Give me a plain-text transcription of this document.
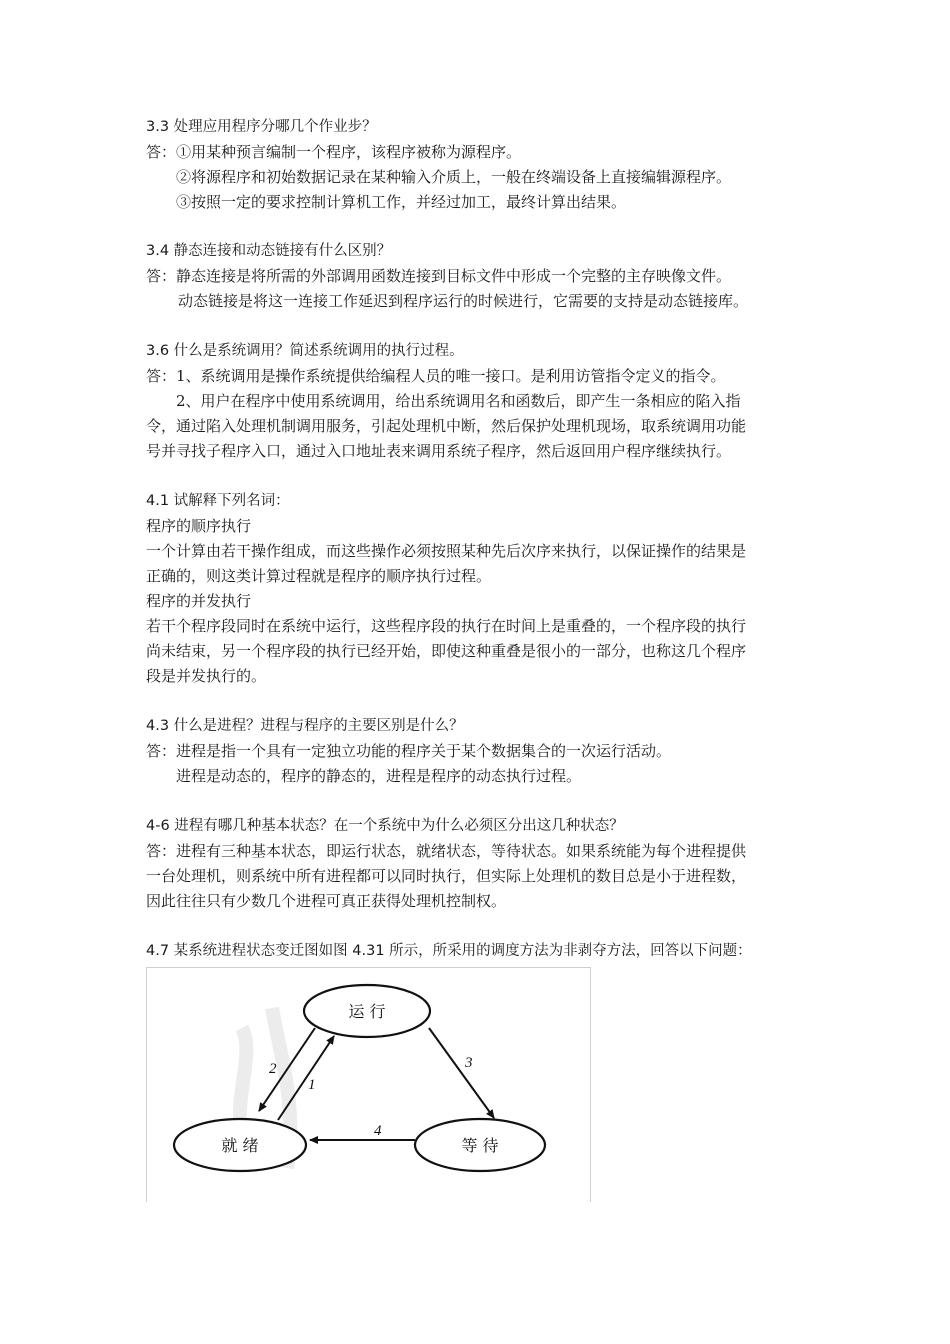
3.3 处理应用程序分哪几个作业步？
答：①用某种预言编制一个程序，该程序被称为源程序。
②将源程序和初始数据记录在某种输入介质上，一般在终端设备上直接编辑源程序。
③按照一定的要求控制计算机工作，并经过加工，最终计算出结果。
3.4 静态连接和动态链接有什么区别？
答：静态连接是将所需的外部调用函数连接到目标文件中形成一个完整的主存映像文件。
动态链接是将这一连接工作延迟到程序运行的时候进行，它需要的支持是动态链接库。
3.6 什么是系统调用？简述系统调用的执行过程。
答：1、系统调用是操作系统提供给编程人员的唯一接口。是利用访管指令定义的指令。
2、用户在程序中使用系统调用，给出系统调用名和函数后，即产生一条相应的陷入指
令，通过陷入处理机制调用服务，引起处理机中断，然后保护处理机现场，取系统调用功能
号并寻找子程序入口，通过入口地址表来调用系统子程序，然后返回用户程序继续执行。
4.1 试解释下列名词：
程序的顺序执行
一个计算由若干操作组成，而这些操作必须按照某种先后次序来执行，以保证操作的结果是
正确的，则这类计算过程就是程序的顺序执行过程。
程序的并发执行
若干个程序段同时在系统中运行，这些程序段的执行在时间上是重叠的，一个程序段的执行
尚未结束，另一个程序段的执行已经开始，即使这种重叠是很小的一部分，也称这几个程序
段是并发执行的。
4.3 什么是进程？进程与程序的主要区别是什么？
答：进程是指一个具有一定独立功能的程序关于某个数据集合的一次运行活动。
进程是动态的，程序的静态的，进程是程序的动态执行过程。
4-6 进程有哪几种基本状态？在一个系统中为什么必须区分出这几种状态？
答：进程有三种基本状态，即运行状态，就绪状态，等待状态。如果系统能为每个进程提供
一台处理机，则系统中所有进程都可以同时执行，但实际上处理机的数目总是小于进程数，
因此往往只有少数几个进程可真正获得处理机控制权。
4.7 某系统进程状态变迁图如图 4.31 所示，所采用的调度方法为非剥夺方法，回答以下问题：
运 行
就 绪	等 待
2
1
3
4
